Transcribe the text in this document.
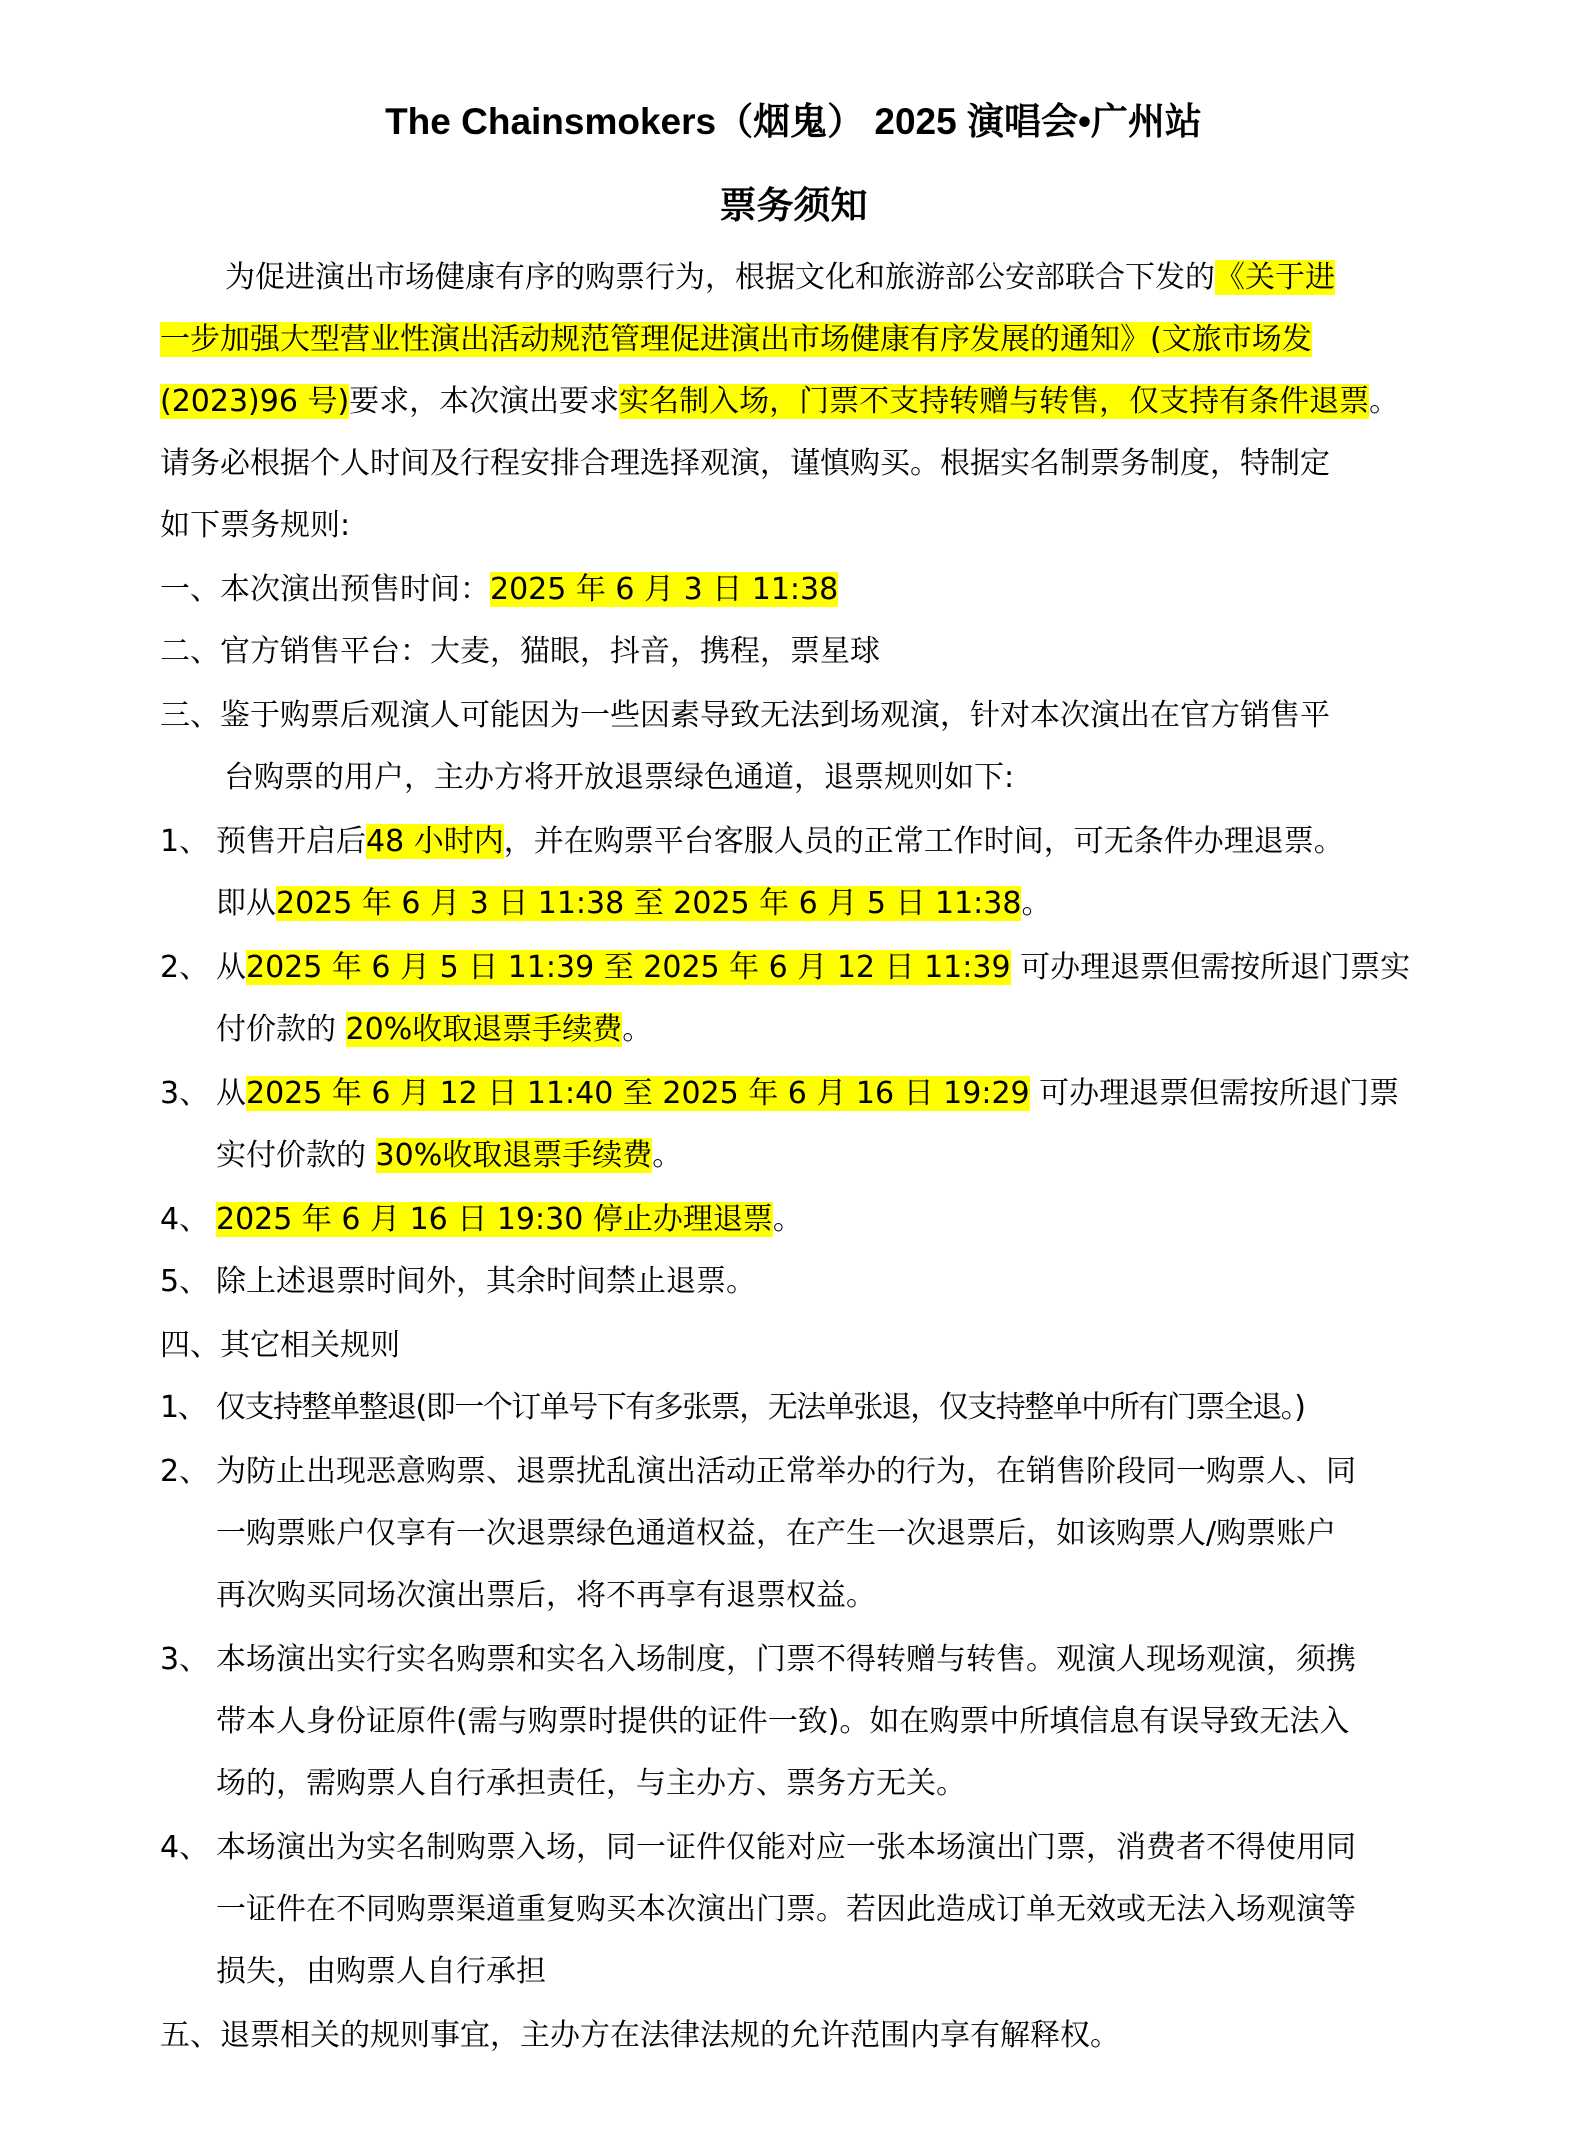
The Chainsmokers（烟鬼） 2025 演唱会•广州站
票务须知
为促进演出市场健康有序的购票行为，根据文化和旅游部公安部联合下发的《关于进
一步加强大型营业性演出活动规范管理促进演出市场健康有序发展的通知》(文旅市场发
(2023)96 号)要求，本次演出要求实名制入场，门票不支持转赠与转售，仅支持有条件退票。
请务必根据个人时间及行程安排合理选择观演，谨慎购买。根据实名制票务制度，特制定
如下票务规则:
一、本次演出预售时间：2025 年 6 月 3 日 11:38
二、官方销售平台：大麦，猫眼，抖音，携程，票星球
三、鉴于购票后观演人可能因为一些因素导致无法到场观演，针对本次演出在官方销售平
台购票的用户，主办方将开放退票绿色通道，退票规则如下:
1、 预售开启后48 小时内，并在购票平台客服人员的正常工作时间，可无条件办理退票。
即从2025 年 6 月 3 日 11:38 至 2025 年 6 月 5 日 11:38。
2、 从2025 年 6 月 5 日 11:39 至 2025 年 6 月 12 日 11:39 可办理退票但需按所退门票实
付价款的 20%收取退票手续费。
3、 从2025 年 6 月 12 日 11:40 至 2025 年 6 月 16 日 19:29 可办理退票但需按所退门票
实付价款的 30%收取退票手续费。
4、 2025 年 6 月 16 日 19:30 停止办理退票。
5、 除上述退票时间外，其余时间禁止退票。
四、其它相关规则
1、 仅支持整单整退(即一个订单号下有多张票，无法单张退，仅支持整单中所有门票全退。)
2、 为防止出现恶意购票、退票扰乱演出活动正常举办的行为，在销售阶段同一购票人、同
一购票账户仅享有一次退票绿色通道权益，在产生一次退票后，如该购票人/购票账户
再次购买同场次演出票后，将不再享有退票权益。
3、 本场演出实行实名购票和实名入场制度，门票不得转赠与转售。观演人现场观演，须携
带本人身份证原件(需与购票时提供的证件一致)。如在购票中所填信息有误导致无法入
场的，需购票人自行承担责任，与主办方、票务方无关。
4、 本场演出为实名制购票入场，同一证件仅能对应一张本场演出门票，消费者不得使用同
一证件在不同购票渠道重复购买本次演出门票。若因此造成订单无效或无法入场观演等
损失，由购票人自行承担
五、退票相关的规则事宜，主办方在法律法规的允许范围内享有解释权。
